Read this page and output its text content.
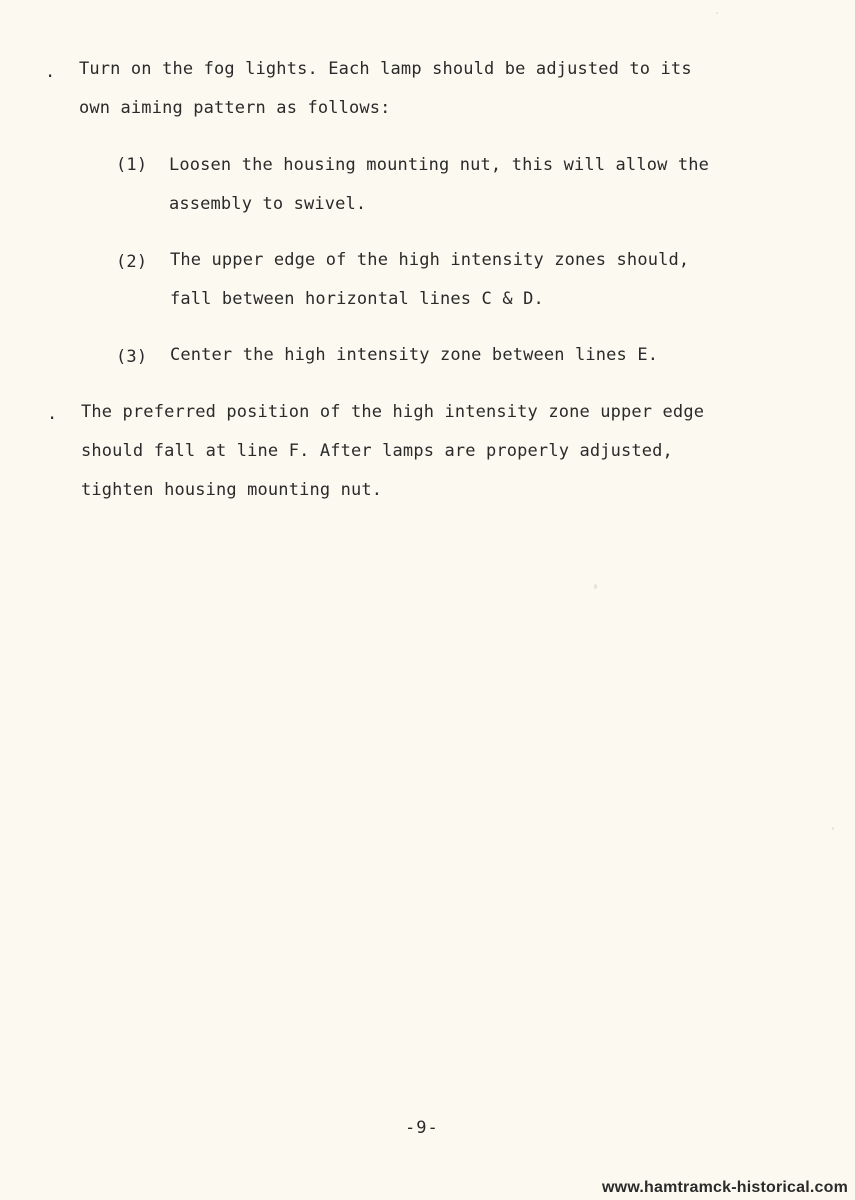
. Turn on the fog lights. Each lamp should be adjusted to its
own aiming pattern as follows:
(1) Loosen the housing mounting nut, this will allow the
assembly to swivel.
(2) The upper edge of the high intensity zones should,
fall between horizontal lines C & D.
(3) Center the high intensity zone between lines E.
. The preferred position of the high intensity zone upper edge
should fall at line F. After lamps are properly adjusted,
tighten housing mounting nut.
-9-
www.hamtramck-historical.com
